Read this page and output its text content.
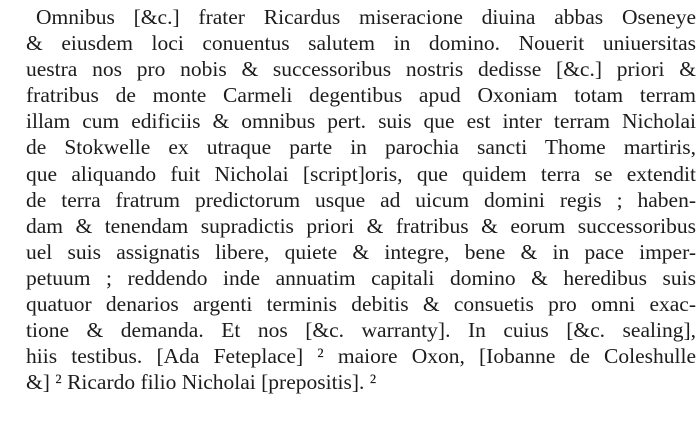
Omnibus [&c.] frater Ricardus miseracione diuina abbas Oseneye
& eiusdem loci conuentus salutem in domino. Nouerit uniuersitas
uestra nos pro nobis & successoribus nostris dedisse [&c.] priori &
fratribus de monte Carmeli degentibus apud Oxoniam totam terram
illam cum edificiis & omnibus pert. suis que est inter terram Nicholai
de Stokwelle ex utraque parte in parochia sancti Thome martiris,
que aliquando fuit Nicholai [script]oris, que quidem terra se extendit
de terra fratrum predictorum usque ad uicum domini regis ; haben-
dam & tenendam supradictis priori & fratribus & eorum successoribus
uel suis assignatis libere, quiete & integre, bene & in pace imper-
petuum ; reddendo inde annuatim capitali domino & heredibus suis
quatuor denarios argenti terminis debitis & consuetis pro omni exac-
tione & demanda. Et nos [&c. warranty]. In cuius [&c. sealing],
hiis testibus. [Ada Feteplace] ² maiore Oxon, [Iobanne de Coleshulle
&] ² Ricardo filio Nicholai [prepositis]. ²
